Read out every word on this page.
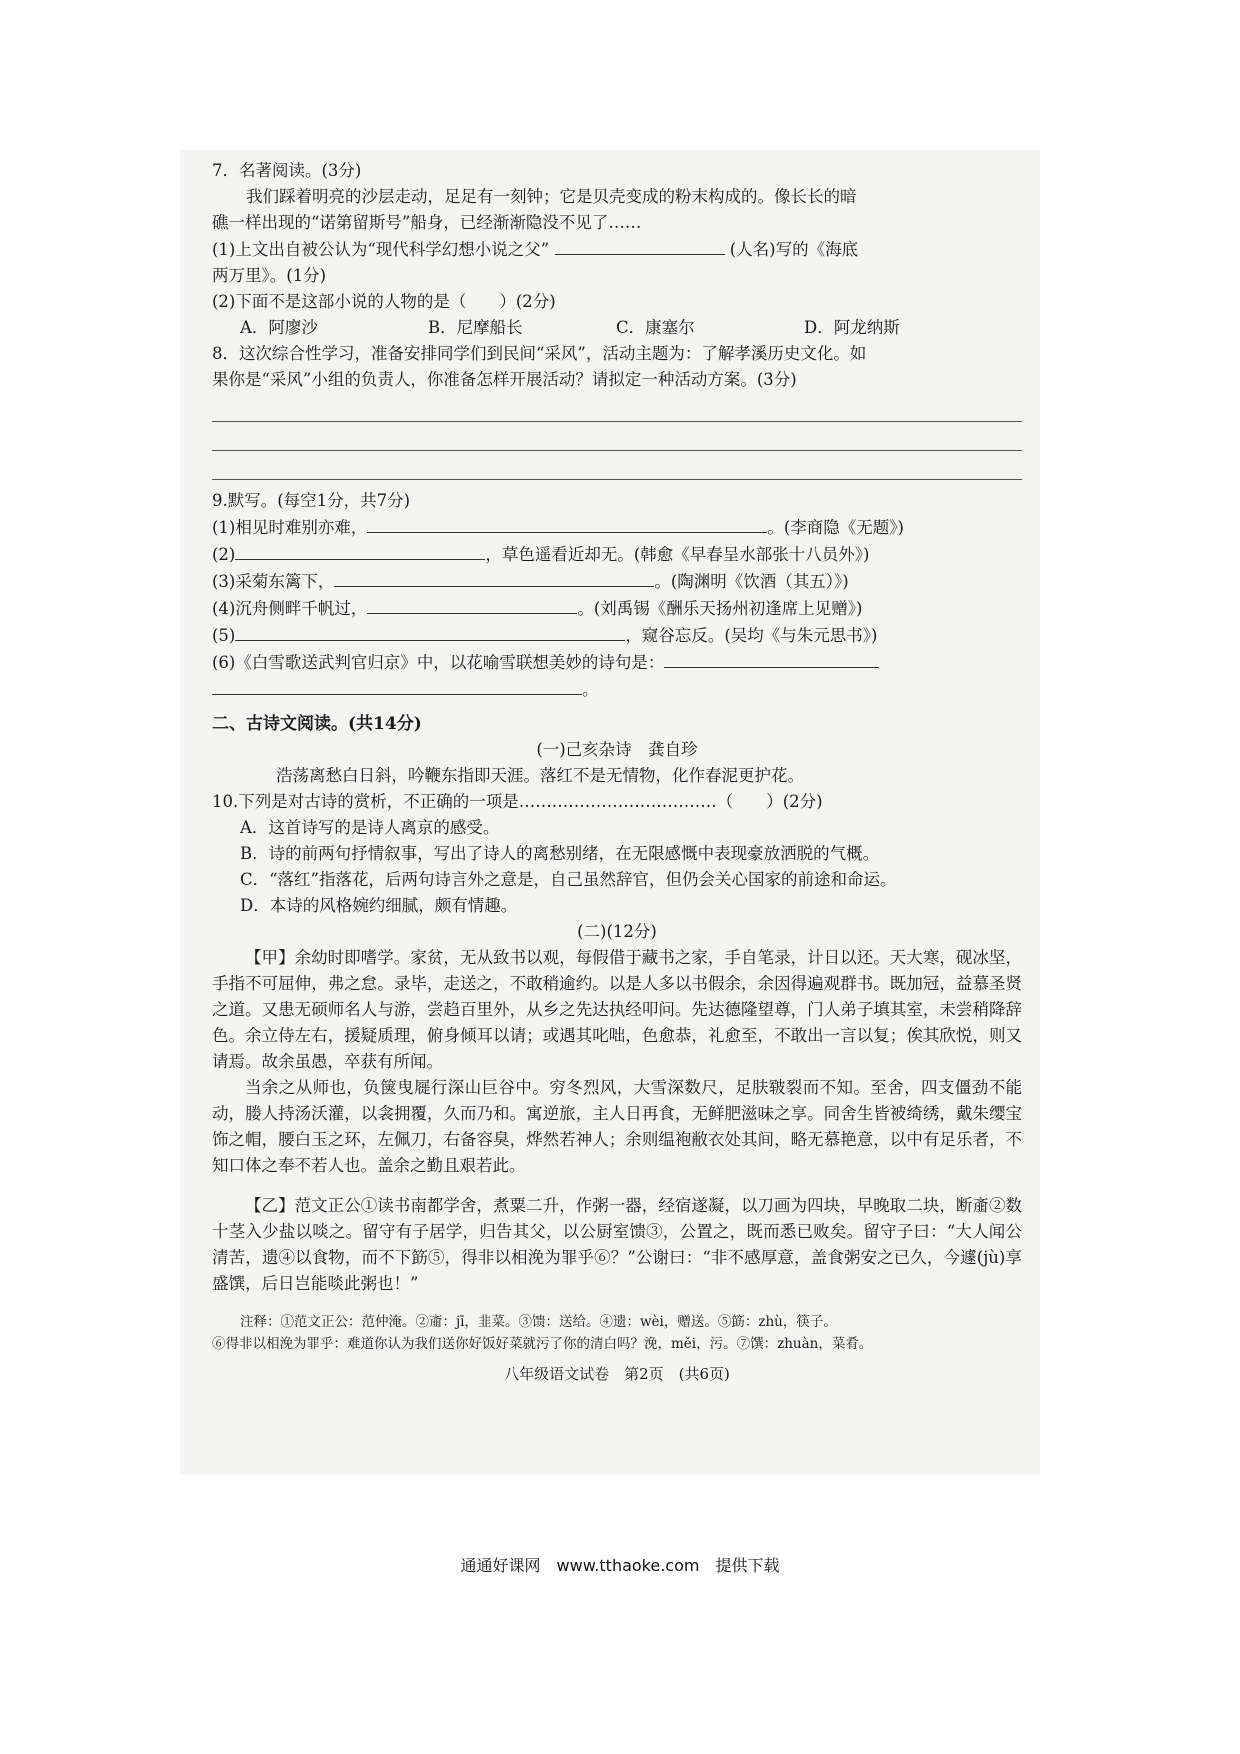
7．名著阅读。(3分)
我们踩着明亮的沙层走动，足足有一刻钟；它是贝壳变成的粉末构成的。像长长的暗
礁一样出现的“诺第留斯号”船身，已经渐渐隐没不见了……
(1)上文出自被公认为“现代科学幻想小说之父”	(人名)写的《海底
两万里》。(1分)
(2)下面不是这部小说的人物的是（　　）(2分)
A．阿廖沙	B．尼摩船长	C．康塞尔	D．阿龙纳斯
8．这次综合性学习，准备安排同学们到民间“采风”，活动主题为：了解孝溪历史文化。如
果你是“采风”小组的负责人，你准备怎样开展活动？请拟定一种活动方案。(3分)
9.默写。(每空1分，共7分)
(1)相见时难别亦难，	。(李商隐《无题》)
(2)	，草色遥看近却无。(韩愈《早春呈水部张十八员外》)
(3)采菊东篱下，	。(陶渊明《饮酒（其五）》)
(4)沉舟侧畔千帆过，	。(刘禹锡《酬乐天扬州初逢席上见赠》)
(5)	，窥谷忘反。(吴均《与朱元思书》)
(6)《白雪歌送武判官归京》中，以花喻雪联想美妙的诗句是：
。
二、古诗文阅读。(共14分)
(一)己亥杂诗　龚自珍
浩荡离愁白日斜，吟鞭东指即天涯。落红不是无情物，化作春泥更护花。
10.下列是对古诗的赏析，不正确的一项是………………………………（　　）(2分)
A．这首诗写的是诗人离京的感受。
B．诗的前两句抒情叙事，写出了诗人的离愁别绪，在无限感慨中表现豪放洒脱的气概。
C．“落红”指落花，后两句诗言外之意是，自己虽然辞官，但仍会关心国家的前途和命运。
D．本诗的风格婉约细腻，颇有情趣。
(二)(12分)
【甲】余幼时即嗜学。家贫，无从致书以观，每假借于藏书之家，手自笔录，计日以还。天大寒，砚冰坚，手指不可屈伸，弗之怠。录毕，走送之，不敢稍逾约。以是人多以书假余，余因得遍观群书。既加冠，益慕圣贤之道。又患无硕师名人与游，尝趋百里外，从乡之先达执经叩问。先达德隆望尊，门人弟子填其室，未尝稍降辞色。余立侍左右，援疑质理，俯身倾耳以请；或遇其叱咄，色愈恭，礼愈至，不敢出一言以复；俟其欣悦，则又请焉。故余虽愚，卒获有所闻。
当余之从师也，负箧曳屣行深山巨谷中。穷冬烈风，大雪深数尺，足肤皲裂而不知。至舍，四支僵劲不能动，媵人持汤沃灌，以衾拥覆，久而乃和。寓逆旅，主人日再食，无鲜肥滋味之享。同舍生皆被绮绣，戴朱缨宝饰之帽，腰白玉之环，左佩刀，右备容臭，烨然若神人；余则缊袍敝衣处其间，略无慕艳意，以中有足乐者，不知口体之奉不若人也。盖余之勤且艰若此。
【乙】范文正公①读书南都学舍，煮粟二升，作粥一器，经宿遂凝，以刀画为四块，早晚取二块，断齑②数十茎入少盐以啖之。留守有子居学，归告其父，以公厨室馈③，公置之，既而悉已败矣。留守子曰：“大人闻公清苦，遗④以食物，而不下筯⑤，得非以相浼为罪乎⑥？”公谢曰：“非不感厚意，盖食粥安之已久，今遽(jù)享盛馔，后日岂能啖此粥也！”
注释：①范文正公：范仲淹。②齑：jī，韭菜。③馈：送给。④遗：wèi，赠送。⑤筯：zhù，筷子。
⑥得非以相浼为罪乎：难道你认为我们送你好饭好菜就污了你的清白吗？浼，měi，污。⑦馔：zhuàn，菜肴。
八年级语文试卷　第2页　(共6页)
通通好课网　www.tthaoke.com　提供下载
